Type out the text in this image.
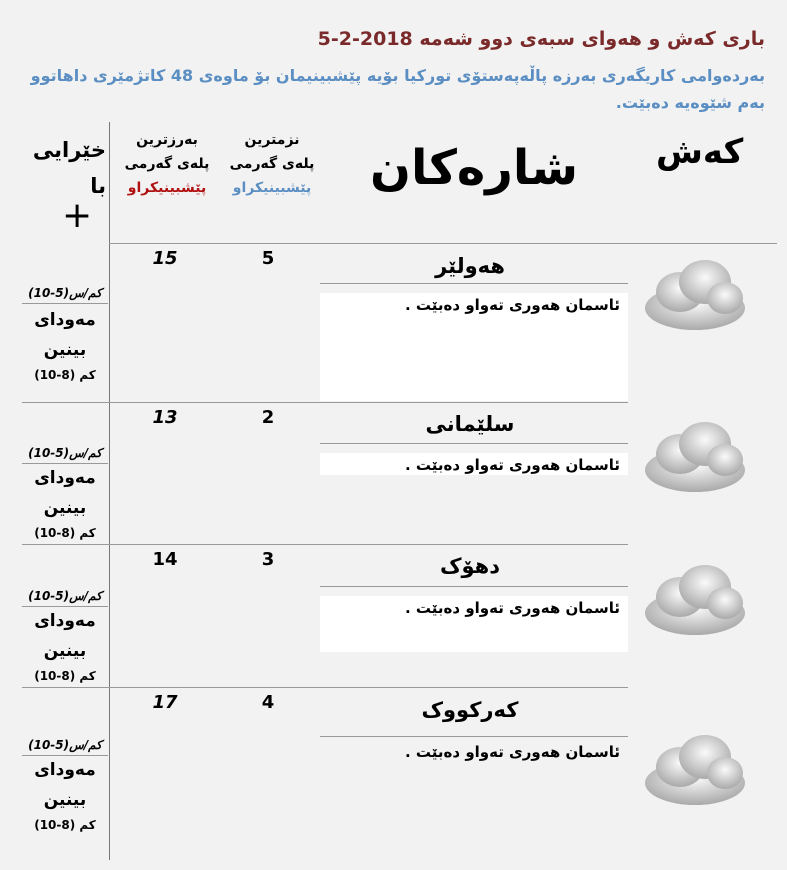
باری کەش و هەوای سبەی دوو شەمە 2018-2-5
بەردەوامی کاریگەری بەرزە پاڵەپەستۆی تورکیا بۆیە پێشبینیمان بۆ ماوەی 48 کاتژمێری داهاتوو بەم شێوەیە دەبێت.
کەش
شارەکان
نزمترین
پلەی گەرمی
پێشبینیکراو
بەرزترین
پلەی گەرمی
پێشبینیکراو
خێرایی
با
+
15	5	هەولێر
ئاسمان هەوری تەواو دەبێت .
(10-5)کم/س
مەودای
بینین
(10-8) کم
13	2	سلێمانی
ئاسمان هەوری تەواو دەبێت .
(10-5)کم/س
مەودای
بینین
(10-8) کم
14	3	دهۆک
ئاسمان هەوری تەواو دەبێت .
(10-5)کم/س
مەودای
بینین
(10-8) کم
17	4	کەرکووک
ئاسمان هەوری تەواو دەبێت .
(10-5)کم/س
مەودای
بینین
(10-8) کم
